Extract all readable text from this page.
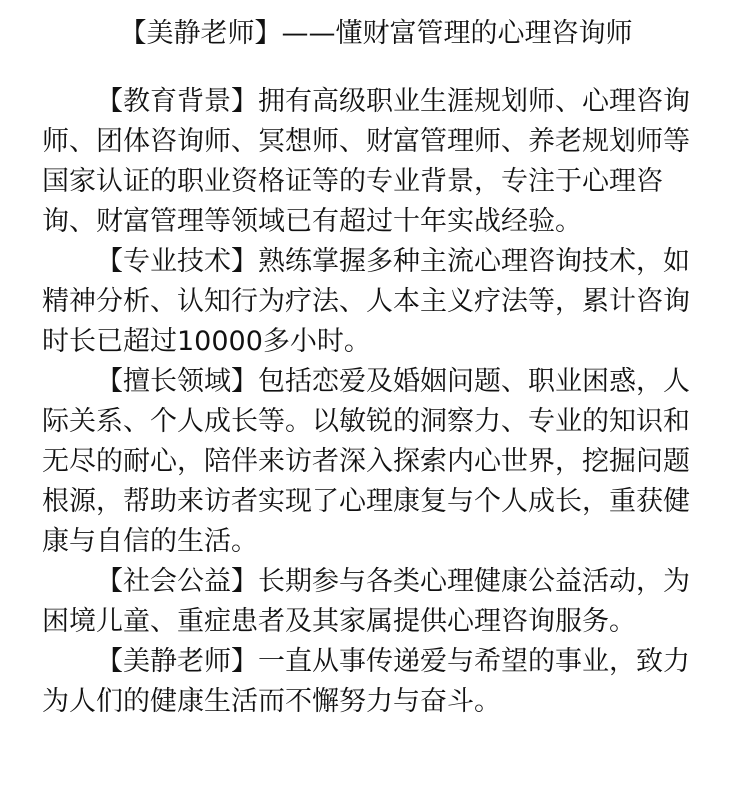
【美静老师】——懂财富管理的心理咨询师

【教育背景】拥有高级职业生涯规划师、心理咨询师、团体咨询师、冥想师、财富管理师、养老规划师等国家认证的职业资格证等的专业背景，专注于心理咨询、财富管理等领域已有超过十年实战经验。

【专业技术】熟练掌握多种主流心理咨询技术，如精神分析、认知行为疗法、人本主义疗法等，累计咨询时长已超过10000多小时。

【擅长领域】包括恋爱及婚姻问题、职业困惑，人际关系、个人成长等。以敏锐的洞察力、专业的知识和无尽的耐心，陪伴来访者深入探索内心世界，挖掘问题根源，帮助来访者实现了心理康复与个人成长，重获健康与自信的生活。

【社会公益】长期参与各类心理健康公益活动，为困境儿童、重症患者及其家属提供心理咨询服务。

【美静老师】一直从事传递爱与希望的事业，致力为人们的健康生活而不懈努力与奋斗。
